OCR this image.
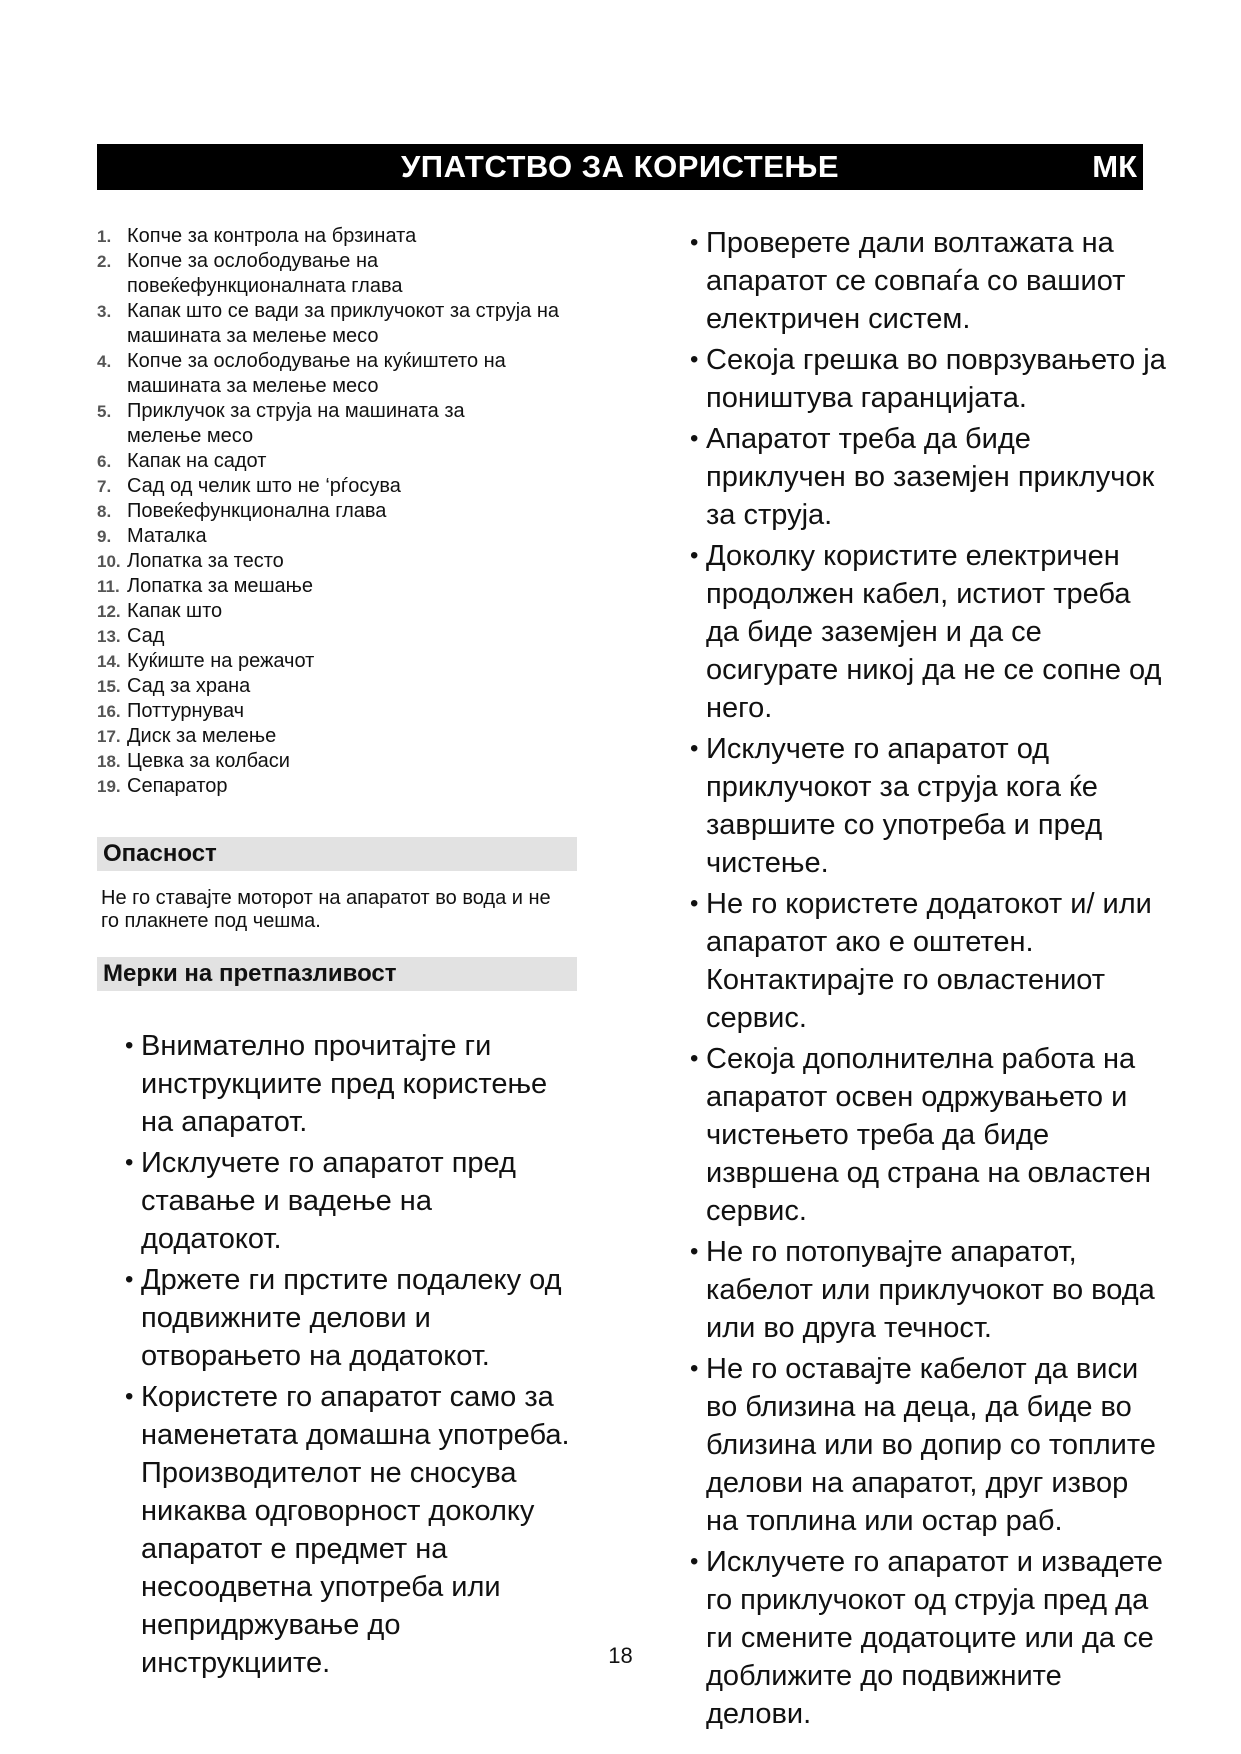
УПАТСТВО ЗА КОРИСТЕЊЕ	МК
1. Копче за контрола на брзината
2. Копче за ослободување на повеќефункционалната глава
3. Капак што се вади за приклучокот за струја на машината за мелење месо
4. Копче за ослободување на куќиштето на машината за мелење месо
5. Приклучок за струја на машината за мелење месо
6. Капак на садот
7. Сад од челик што не ‘рѓосува
8. Повеќефункционална глава
9. Маталка
10. Лопатка за тесто
11. Лопатка за мешање
12. Капак што
13. Сад
14. Куќиште на режачот
15. Сад за храна
16. Поттурнувач
17. Диск за мелење
18. Цевка за колбаси
19. Сепаратор
Опасност

Не го ставајте моторот на апаратот во вода и не го плакнете под чешма.

Мерки на претпазливост
• Внимателно прочитајте ги инструкциите пред користење на апаратот.
• Исклучете го апаратот пред ставање и вадење на додатокот.
• Држете ги прстите подалеку од подвижните делови и отворањето на додатокот.
• Користете го апаратот само за наменетата домашна употреба. Производителот не сносува никаква одговорност доколку апаратот е предмет на несоодветна употреба или непридржување до инструкциите.
• Проверете дали волтажата на апаратот се совпаѓа со вашиот електричен систем.
• Секоја грешка во поврзувањето ја поништува гаранцијата.
• Апаратот треба да биде приклучен во заземјен приклучок за струја.
• Доколку користите електричен продолжен кабел, истиот треба да биде заземјен и да се осигурате никој да не се сопне од него.
• Исклучете го апаратот од приклучокот за струја кога ќе завршите со употреба и пред чистење.
• Не го користете додатокот и/ или апаратот ако е оштетен. Контактирајте го овластениот сервис.
• Секоја дополнителна работа на апаратот освен одржувањето и чистењето треба да биде извршена од страна на овластен сервис.
• Не го потопувајте апаратот, кабелот или приклучокот во вода или во друга течност.
• Не го оставајте кабелот да виси во близина на деца, да биде во близина или во допир со топлите делови на апаратот, друг извор на топлина или остар раб.
• Исклучете го апаратот и извадете го приклучокот од струја пред да ги смените додатоците или да се доближите до подвижните делови.
18
